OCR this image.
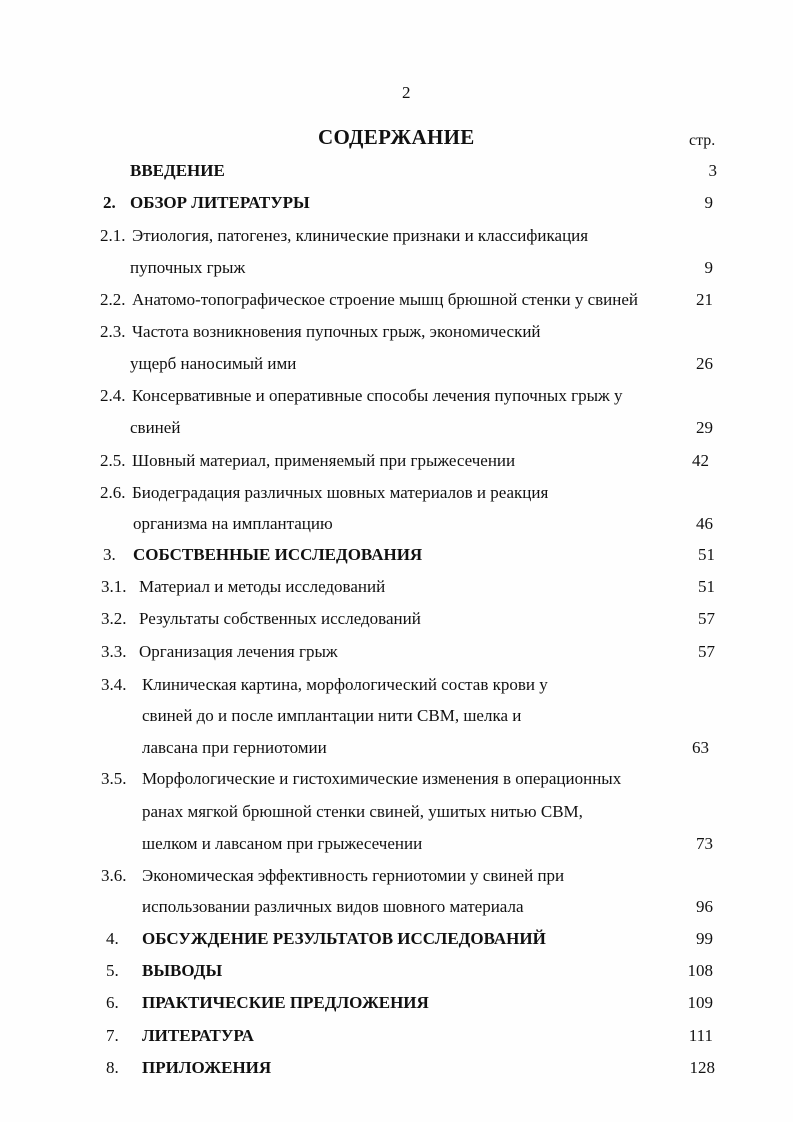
2
СОДЕРЖАНИЕ	стр.
ВВЕДЕНИЕ	3
2. ОБЗОР ЛИТЕРАТУРЫ	9
2.1. Этиология, патогенез, клинические признаки и классификация
пупочных грыж	9
2.2. Анатомо-топографическое строение мышц брюшной стенки у свиней	21
2.3. Частота возникновения пупочных грыж, экономический
ущерб наносимый ими	26
2.4. Консервативные и оперативные способы лечения пупочных грыж у
свиней	29
2.5. Шовный материал, применяемый при грыжесечении	42
2.6. Биодеградация различных шовных материалов и реакция
организма на имплантацию	46
3. СОБСТВЕННЫЕ ИССЛЕДОВАНИЯ	51
3.1. Материал и методы исследований	51
3.2. Результаты собственных исследований	57
3.3. Организация лечения грыж	57
3.4. Клиническая картина, морфологический состав крови у
свиней до и после имплантации нити СВМ, шелка и
лавсана при герниотомии	63
3.5. Морфологические и гистохимические изменения в операционных
ранах мягкой брюшной стенки свиней, ушитых нитью СВМ,
шелком и лавсаном при грыжесечении	73
3.6. Экономическая эффективность герниотомии у свиней при
использовании различных видов шовного материала	96
4. ОБСУЖДЕНИЕ РЕЗУЛЬТАТОВ ИССЛЕДОВАНИЙ	99
5. ВЫВОДЫ	108
6. ПРАКТИЧЕСКИЕ ПРЕДЛОЖЕНИЯ	109
7. ЛИТЕРАТУРА	111
8. ПРИЛОЖЕНИЯ	128
